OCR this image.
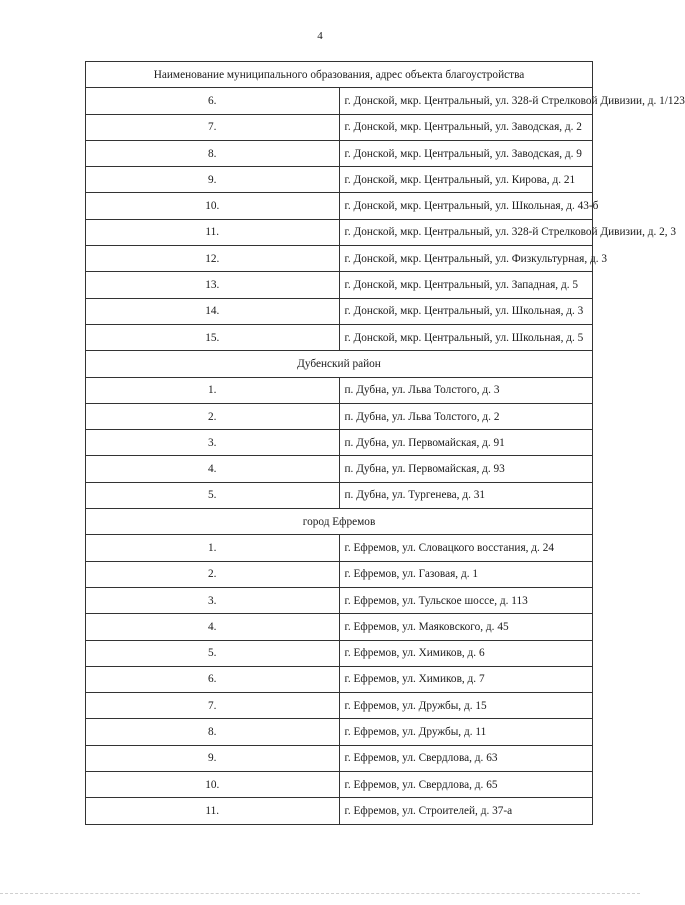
4
Наименование муниципального образования, адрес объекта благоустройства	
6.	г. Донской, мкр. Центральный, ул. 328-й Стрелковой Дивизии, д. 1/123
7.	г. Донской, мкр. Центральный, ул. Заводская, д. 2
8.	г. Донской, мкр. Центральный, ул. Заводская, д. 9
9.	г. Донской, мкр. Центральный, ул. Кирова, д. 21
10.	г. Донской, мкр. Центральный, ул. Школьная, д. 43-б
11.	г. Донской, мкр. Центральный, ул. 328-й Стрелковой Дивизии, д. 2, 3
12.	г. Донской, мкр. Центральный, ул. Физкультурная, д. 3
13.	г. Донской, мкр. Центральный, ул. Западная, д. 5
14.	г. Донской, мкр. Центральный, ул. Школьная, д. 3
15.	г. Донской, мкр. Центральный, ул. Школьная, д. 5
Дубенский район	
1.	п. Дубна, ул. Льва Толстого, д. 3
2.	п. Дубна, ул. Льва Толстого, д. 2
3.	п. Дубна, ул. Первомайская, д. 91
4.	п. Дубна, ул. Первомайская, д. 93
5.	п. Дубна, ул. Тургенева, д. 31
город Ефремов	
1.	г. Ефремов, ул. Словацкого восстания, д. 24
2.	г. Ефремов, ул. Газовая, д. 1
3.	г. Ефремов, ул. Тульское шоссе, д. 113
4.	г. Ефремов, ул. Маяковского, д. 45
5.	г. Ефремов, ул. Химиков, д. 6
6.	г. Ефремов, ул. Химиков, д. 7
7.	г. Ефремов, ул. Дружбы, д. 15
8.	г. Ефремов, ул. Дружбы, д. 11
9.	г. Ефремов, ул. Свердлова, д. 63
10.	г. Ефремов, ул. Свердлова, д. 65
11.	г. Ефремов, ул. Строителей, д. 37-а
